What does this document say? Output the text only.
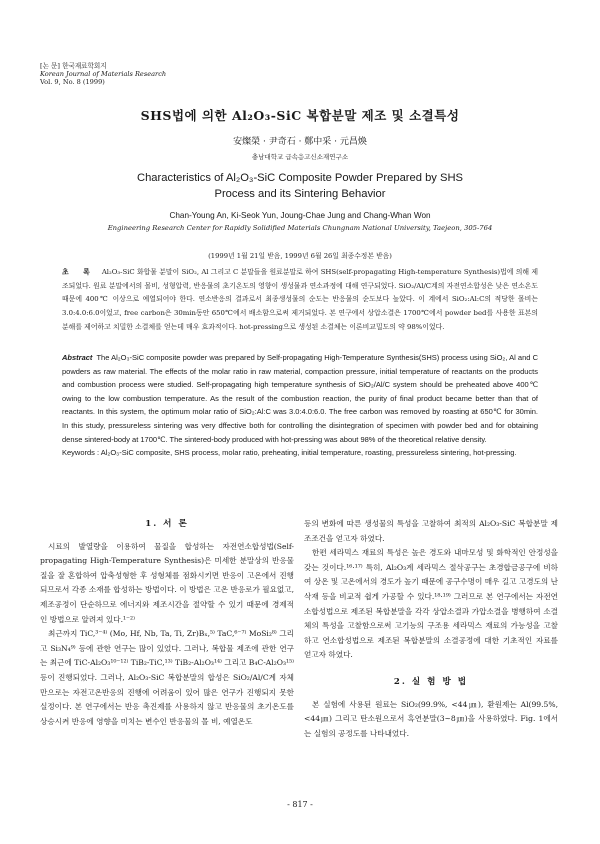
[논 문] 한국재료학회지
Korean Journal of Materials Research
Vol. 9, No. 8 (1999)
SHS법에 의한 Al₂O₃-SiC 복합분말 제조 및 소결특성
安燦榮 · 尹奇石 · 鄭中采 · 元昌煥
충남대학교 급속응고신소재연구소
Characteristics of Al₂O₃-SiC Composite Powder Prepared by SHS
Process and its Sintering Behavior
Chan-Young An, Ki-Seok Yun, Joung-Chae Jung and Chang-Whan Won
Engineering Research Center for Rapidly Solidified Materials Chungnam National University, Taejeon, 305-764
(1999년 1월 21일 받음, 1999년 6월 26일 최종수정본 받음)
초 록 Al₂O₃-SiC 화합물 분말이 SiO₂, Al 그리고 C 분말들을 원료분말로 하여 SHS(self-propagating High-temperature Synthesis)법에 의해 제조되었다. 원료 분말에서의 몰비, 성형압력, 반응물의 초기온도의 영향이 생성물과 연소과정에 대해 연구되었다. SiO₂/Al/C계의 자전연소합성은 낮은 연소온도 때문에 400℃ 이상으로 예열되어야 한다. 연소반응의 결과로서 최종생성물의 순도는 반응물의 순도보다 높았다. 이 계에서 SiO₂:Al:C의 적당한 몰비는 3.0:4.0:6.0이었고, free carbon은 30min동안 650℃에서 배소함으로써 제거되었다. 본 연구에서 상압소결은 1700℃에서 powder bed를 사용한 표본의 분해를 제어하고 치밀한 소결체를 얻는데 매우 효과적이다. hot-pressing으로 생성된 소결체는 이론비교밀도의 약 98%이었다.
Abstract The Al₂O₃-SiC composite powder was prepared by Self-propagating High-Temperature Synthesis(SHS) process using SiO₂, Al and C powders as raw material. The effects of the molar ratio in raw material, compaction pressure, initial temperature of reactants on the products and combustion process were studied. Self-propagating high temperature synthesis of SiO₂/Al/C system should be preheated above 400℃ owing to the low combustion temperature. As the result of the combustion reaction, the purity of final product became better than that of reactants. In this system, the optimum molar ratio of SiO₂:Al:C was 3.0:4.0:6.0. The free carbon was removed by roasting at 650℃ for 30min. In this study, pressureless sintering was very dffective both for controlling the disintegration of specimen with powder bed and for obtaining dense sintered-body at 1700℃. The sintered-body produced with hot-pressing was about 98% of the theoretical relative density.
Keywords : Al₂O₃-SiC composite, SHS process, molar ratio, preheating, initial temperature, roasting, pressureless sintering, hot-pressing.
1. 서 론

시료의 발열량을 이용하여 물질을 합성하는 자전연소합성법(Self-propagating High-Temperature Synthesis)은 미세한 분말상의 반응물질을 잘 혼합하여 압축성형한 후 성형체를 점화시키면 반응이 고온에서 진행되므로서 각종 소재를 합성하는 방법이다. 이 방법은 고온 반응로가 필요없고, 제조공정이 단순하므로 에너지와 제조시간을 절약할 수 있기 때문에 경제적인 방법으로 알려져 있다.¹⁻²⁾

최근까지 TiC,³⁻⁴⁾ (Mo, Hf, Nb, Ta, Ti, Zr)Bₓ,⁵⁾ TaC,⁶⁻⁷⁾ MoSi₂⁸⁾ 그리고 Si₃N₄⁹⁾ 등에 관한 연구는 많이 있었다. 그러나, 복합물 제조에 관한 연구는 최근에 TiC-Al₂O₃¹⁰⁻¹²⁾ TiB₂-TiC,¹³⁾ TiB₂-Al₂O₃¹⁴⁾ 그리고 B₄C-Al₂O₃¹⁵⁾ 등이 진행되었다. 그러나, Al₂O₃-SiC 복합분말의 합성은 SiO₂/Al/C계 자체만으로는 자전고온반응의 진행에 어려움이 있어 많은 연구가 진행되지 못한 실정이다. 본 연구에서는 반응 촉진제를 사용하지 않고 반응물의 초기온도를 상승시켜 반응에 영향을 미치는 변수인 반응물의 몰 비, 예열온도

등의 변화에 따른 생성물의 특성을 고찰하여 최적의 Al₂O₃-SiC 복합분말 제조조건을 얻고자 하였다.

한편 세라믹스 재료의 특성은 높은 경도와 내마모성 및 화학적인 안정성을 갖는 것이다.¹⁶·¹⁷⁾ 특히, Al₂O₃계 세라믹스 절삭공구는 초경합금공구에 비하여 상온 및 고온에서의 경도가 높기 때문에 공구수명이 매우 길고 고경도의 난삭재 등을 비교적 쉽게 가공할 수 있다.¹⁸·¹⁹⁾ 그러므로 본 연구에서는 자전연소합성법으로 제조된 복합분말을 각각 상압소결과 가압소결을 병행하여 소결체의 특성을 고찰함으로써 고기능의 구조용 세라믹스 재료의 가능성을 고찰하고 연소합성법으로 제조된 복합분말의 소결공정에 대한 기초적인 자료를 얻고자 하였다.

2. 실 험 방 법

본 실험에 사용된 원료는 SiO₂(99.9%, <44㎛), 환원제는 Al(99.5%, <44㎛) 그리고 탄소원으로서 흑연분말(3~8㎛)을 사용하였다. Fig. 1에서는 실험의 공정도를 나타내었다.

- 817 -
